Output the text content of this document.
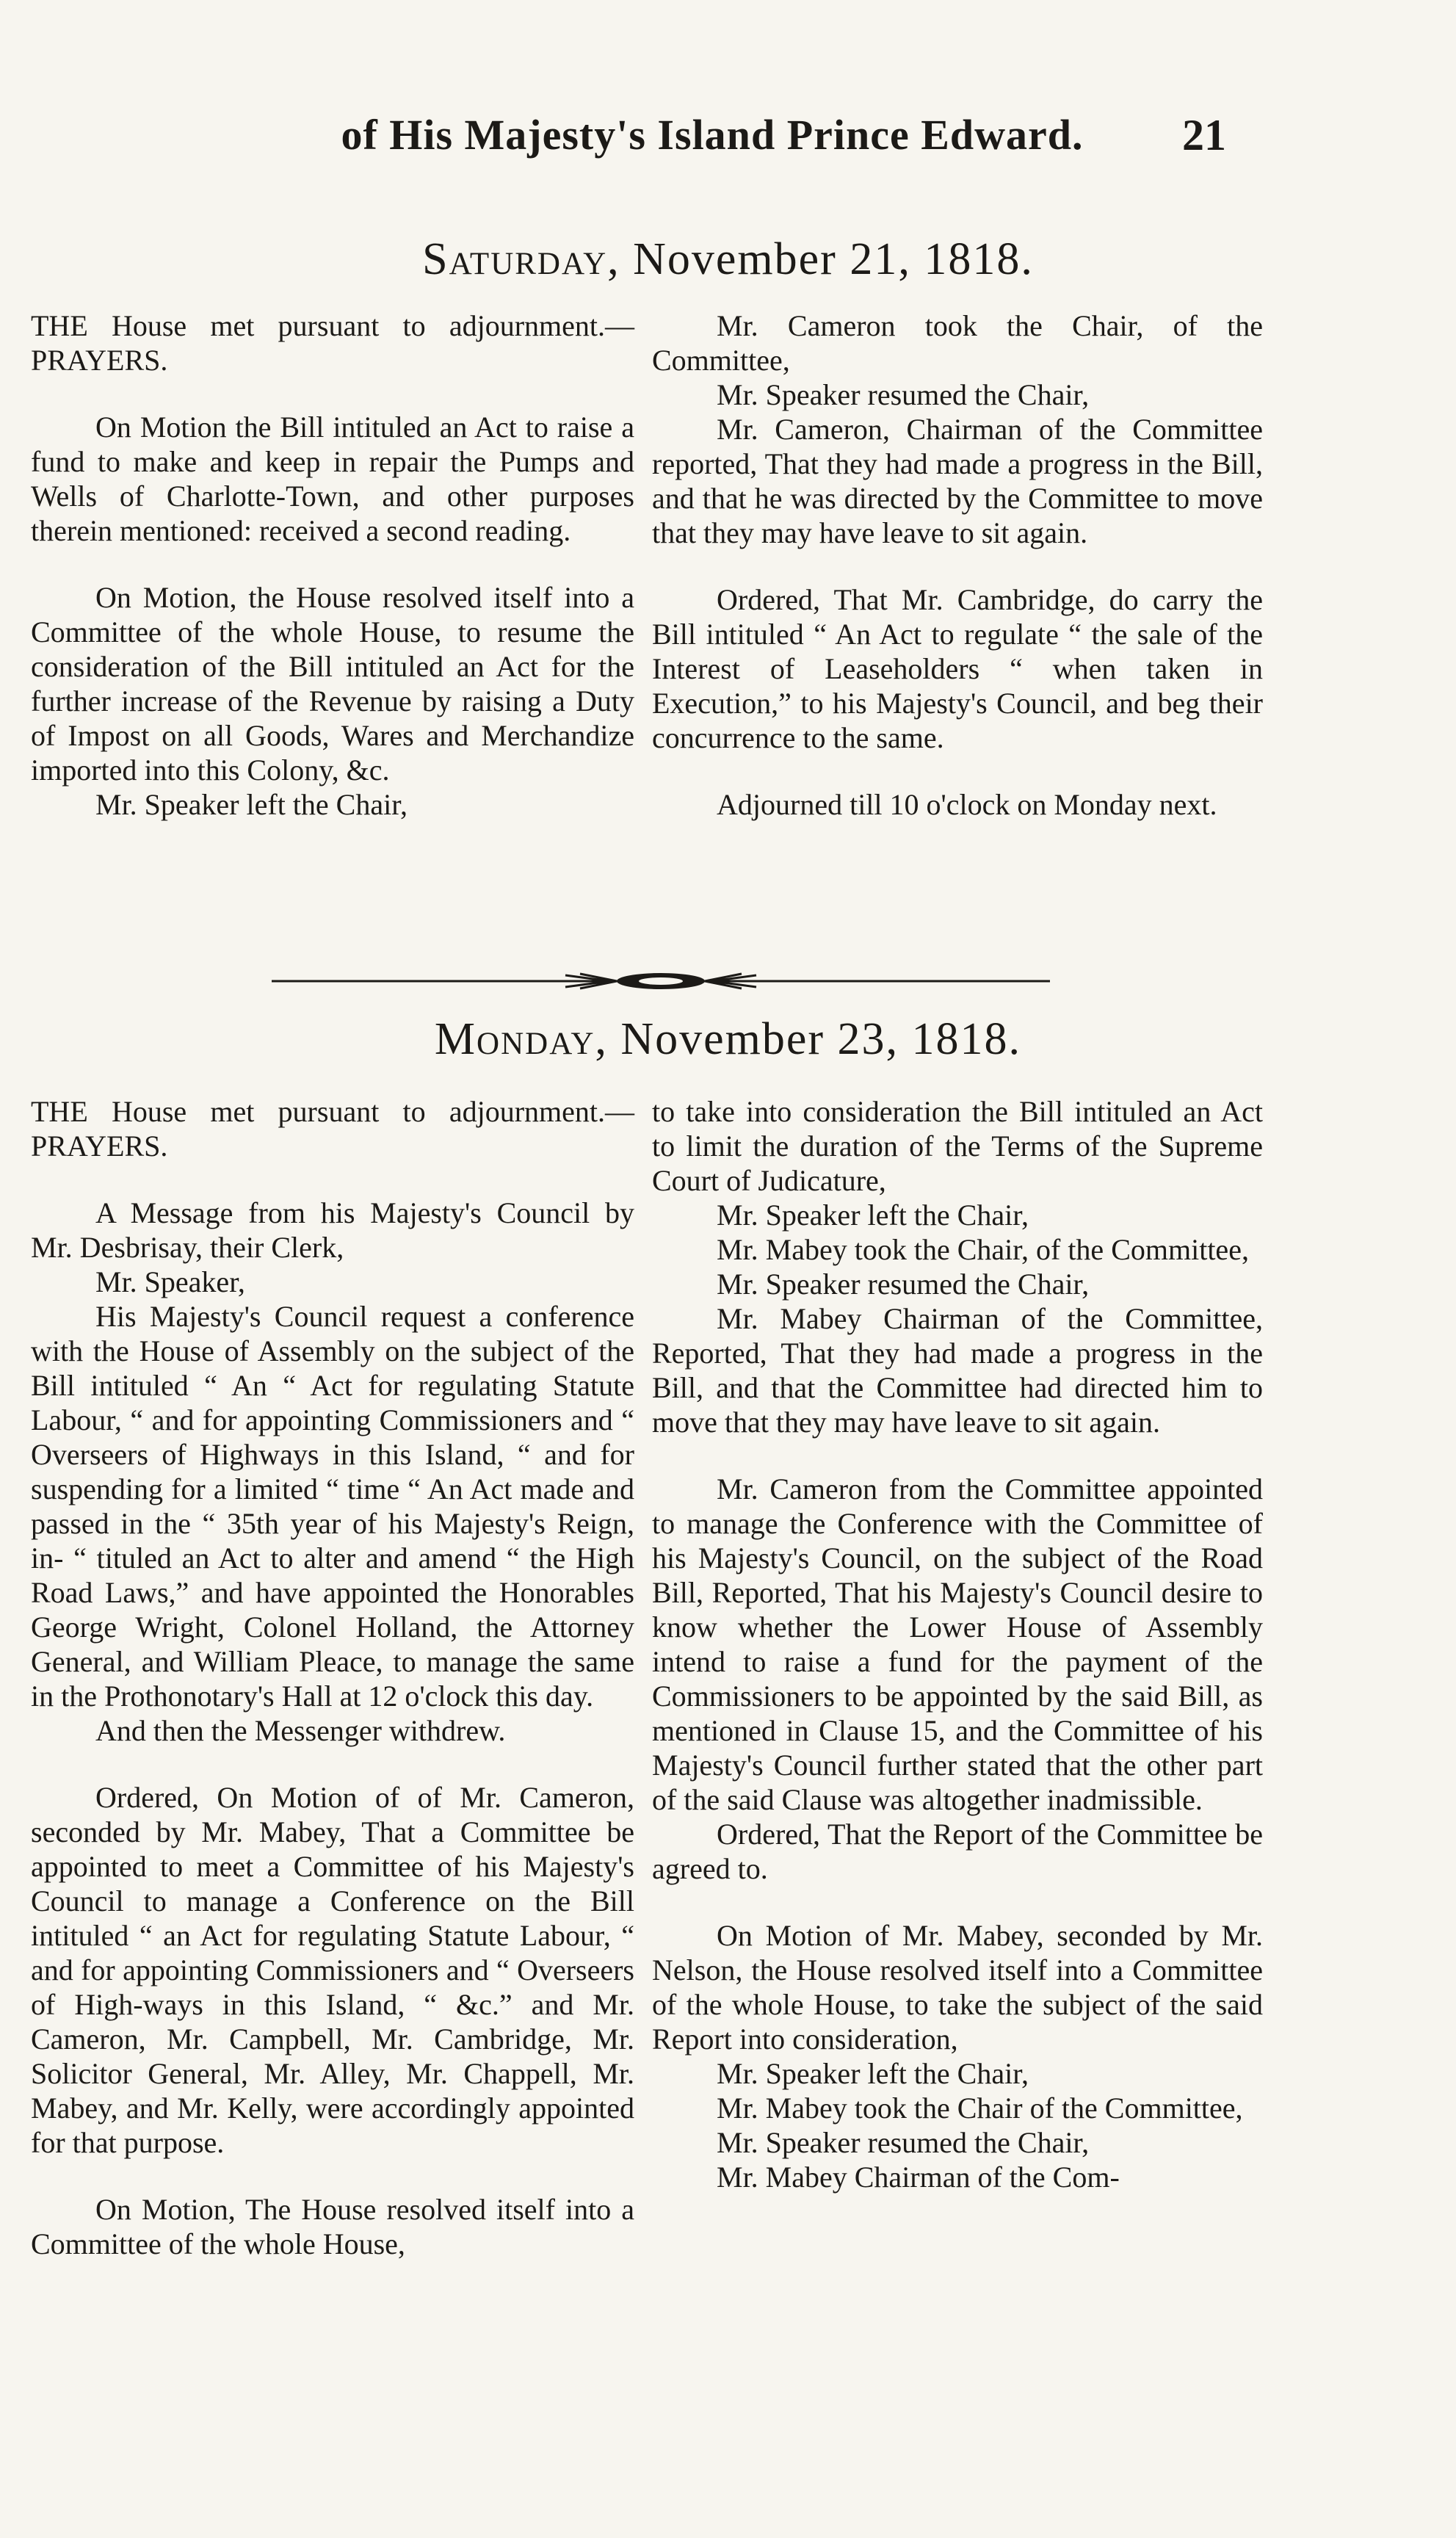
of His Majesty's Island Prince Edward.	21
Saturday, November 21, 1818.

THE House met pursuant to adjournment.—PRAYERS.

On Motion the Bill intituled an Act to raise a fund to make and keep in repair the Pumps and Wells of Charlotte-Town, and other purposes therein mentioned: received a second reading.

On Motion, the House resolved itself into a Committee of the whole House, to resume the consideration of the Bill intituled an Act for the further increase of the Revenue by raising a Duty of Impost on all Goods, Wares and Merchandize imported into this Colony, &c.

Mr. Speaker left the Chair,

Mr. Cameron took the Chair, of the Committee,

Mr. Speaker resumed the Chair,

Mr. Cameron, Chairman of the Committee reported, That they had made a progress in the Bill, and that he was directed by the Committee to move that they may have leave to sit again.

Ordered, That Mr. Cambridge, do carry the Bill intituled “ An Act to regulate “ the sale of the Interest of Leaseholders “ when taken in Execution,” to his Majesty's Council, and beg their concurrence to the same.

Adjourned till 10 o'clock on Monday next.

Monday, November 23, 1818.

THE House met pursuant to adjournment.—PRAYERS.

A Message from his Majesty's Council by Mr. Desbrisay, their Clerk,

Mr. Speaker,

His Majesty's Council request a conference with the House of Assembly on the subject of the Bill intituled “ An “ Act for regulating Statute Labour, “ and for appointing Commissioners and “ Overseers of Highways in this Island, “ and for suspending for a limited “ time “ An Act made and passed in the “ 35th year of his Majesty's Reign, in- “ tituled an Act to alter and amend “ the High Road Laws,” and have appointed the Honorables George Wright, Colonel Holland, the Attorney General, and William Pleace, to manage the same in the Prothonotary's Hall at 12 o'clock this day.

And then the Messenger withdrew.

Ordered, On Motion of of Mr. Cameron, seconded by Mr. Mabey, That a Committee be appointed to meet a Committee of his Majesty's Council to manage a Conference on the Bill intituled “ an Act for regulating Statute Labour, “ and for appointing Commissioners and “ Overseers of High-ways in this Island, “ &c.” and Mr. Cameron, Mr. Campbell, Mr. Cambridge, Mr. Solicitor General, Mr. Alley, Mr. Chappell, Mr. Mabey, and Mr. Kelly, were accordingly appointed for that purpose.

On Motion, The House resolved itself into a Committee of the whole House,

to take into consideration the Bill intituled an Act to limit the duration of the Terms of the Supreme Court of Judicature,

Mr. Speaker left the Chair,

Mr. Mabey took the Chair, of the Committee,

Mr. Speaker resumed the Chair,

Mr. Mabey Chairman of the Committee, Reported, That they had made a progress in the Bill, and that the Committee had directed him to move that they may have leave to sit again.

Mr. Cameron from the Committee appointed to manage the Conference with the Committee of his Majesty's Council, on the subject of the Road Bill, Reported, That his Majesty's Council desire to know whether the Lower House of Assembly intend to raise a fund for the payment of the Commissioners to be appointed by the said Bill, as mentioned in Clause 15, and the Committee of his Majesty's Council further stated that the other part of the said Clause was altogether inadmissible.

Ordered, That the Report of the Committee be agreed to.

On Motion of Mr. Mabey, seconded by Mr. Nelson, the House resolved itself into a Committee of the whole House, to take the subject of the said Report into consideration,

Mr. Speaker left the Chair,

Mr. Mabey took the Chair of the Committee,

Mr. Speaker resumed the Chair,

Mr. Mabey Chairman of the Com-
